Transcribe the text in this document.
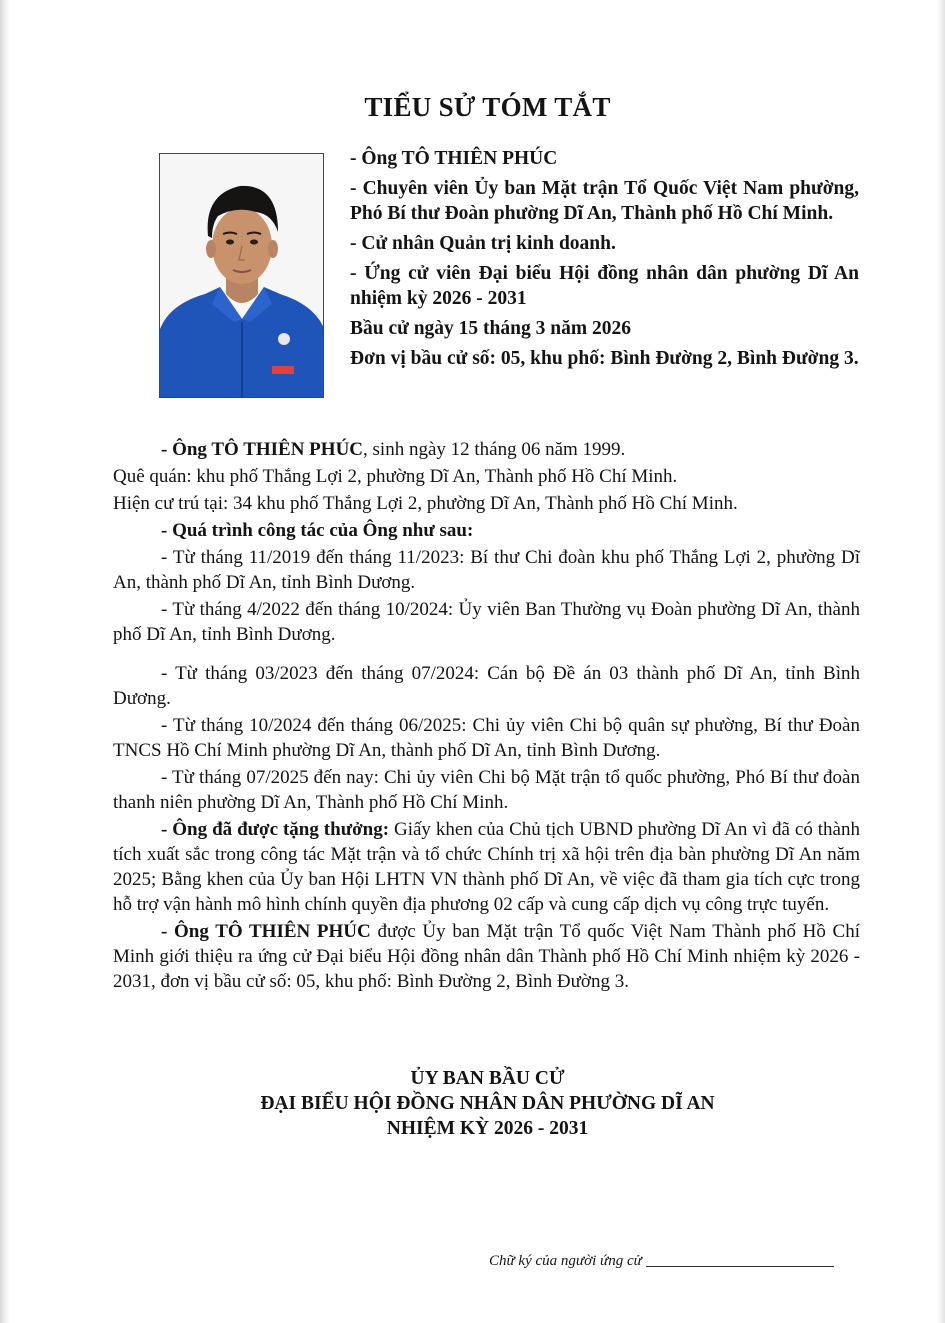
TIỂU SỬ TÓM TẮT

- Ông TÔ THIÊN PHÚC

- Chuyên viên Ủy ban Mặt trận Tổ Quốc Việt Nam phường, Phó Bí thư Đoàn phường Dĩ An, Thành phố Hồ Chí Minh.

- Cử nhân Quản trị kinh doanh.

- Ứng cử viên Đại biểu Hội đồng nhân dân phường Dĩ An nhiệm kỳ 2026 - 2031

Bầu cử ngày 15 tháng 3 năm 2026

Đơn vị bầu cử số: 05, khu phố: Bình Đường 2, Bình Đường 3.

- Ông TÔ THIÊN PHÚC, sinh ngày 12 tháng 06 năm 1999.

Quê quán: khu phố Thắng Lợi 2, phường Dĩ An, Thành phố Hồ Chí Minh.

Hiện cư trú tại: 34 khu phố Thắng Lợi 2, phường Dĩ An, Thành phố Hồ Chí Minh.

- Quá trình công tác của Ông như sau:

- Từ tháng 11/2019 đến tháng 11/2023: Bí thư Chi đoàn khu phố Thắng Lợi 2, phường Dĩ An, thành phố Dĩ An, tỉnh Bình Dương.

- Từ tháng 4/2022 đến tháng 10/2024: Ủy viên Ban Thường vụ Đoàn phường Dĩ An, thành phố Dĩ An, tỉnh Bình Dương.

- Từ tháng 03/2023 đến tháng 07/2024: Cán bộ Đề án 03 thành phố Dĩ An, tỉnh Bình Dương.

- Từ tháng 10/2024 đến tháng 06/2025: Chi ủy viên Chi bộ quân sự phường, Bí thư Đoàn TNCS Hồ Chí Minh phường Dĩ An, thành phố Dĩ An, tỉnh Bình Dương.

- Từ tháng 07/2025 đến nay: Chi ủy viên Chi bộ Mặt trận tổ quốc phường, Phó Bí thư đoàn thanh niên phường Dĩ An, Thành phố Hồ Chí Minh.

- Ông đã được tặng thưởng: Giấy khen của Chủ tịch UBND phường Dĩ An vì đã có thành tích xuất sắc trong công tác Mặt trận và tổ chức Chính trị xã hội trên địa bàn phường Dĩ An năm 2025; Bằng khen của Ủy ban Hội LHTN VN thành phố Dĩ An, về việc đã tham gia tích cực trong hỗ trợ vận hành mô hình chính quyền địa phương 02 cấp và cung cấp dịch vụ công trực tuyến.

- Ông TÔ THIÊN PHÚC được Ủy ban Mặt trận Tổ quốc Việt Nam Thành phố Hồ Chí Minh giới thiệu ra ứng cử Đại biểu Hội đồng nhân dân Thành phố Hồ Chí Minh nhiệm kỳ 2026 - 2031, đơn vị bầu cử số: 05, khu phố: Bình Đường 2, Bình Đường 3.

ỦY BAN BẦU CỬ
ĐẠI BIỂU HỘI ĐỒNG NHÂN DÂN PHƯỜNG DĨ AN
NHIỆM KỲ 2026 - 2031
Chữ ký của người ứng cử
